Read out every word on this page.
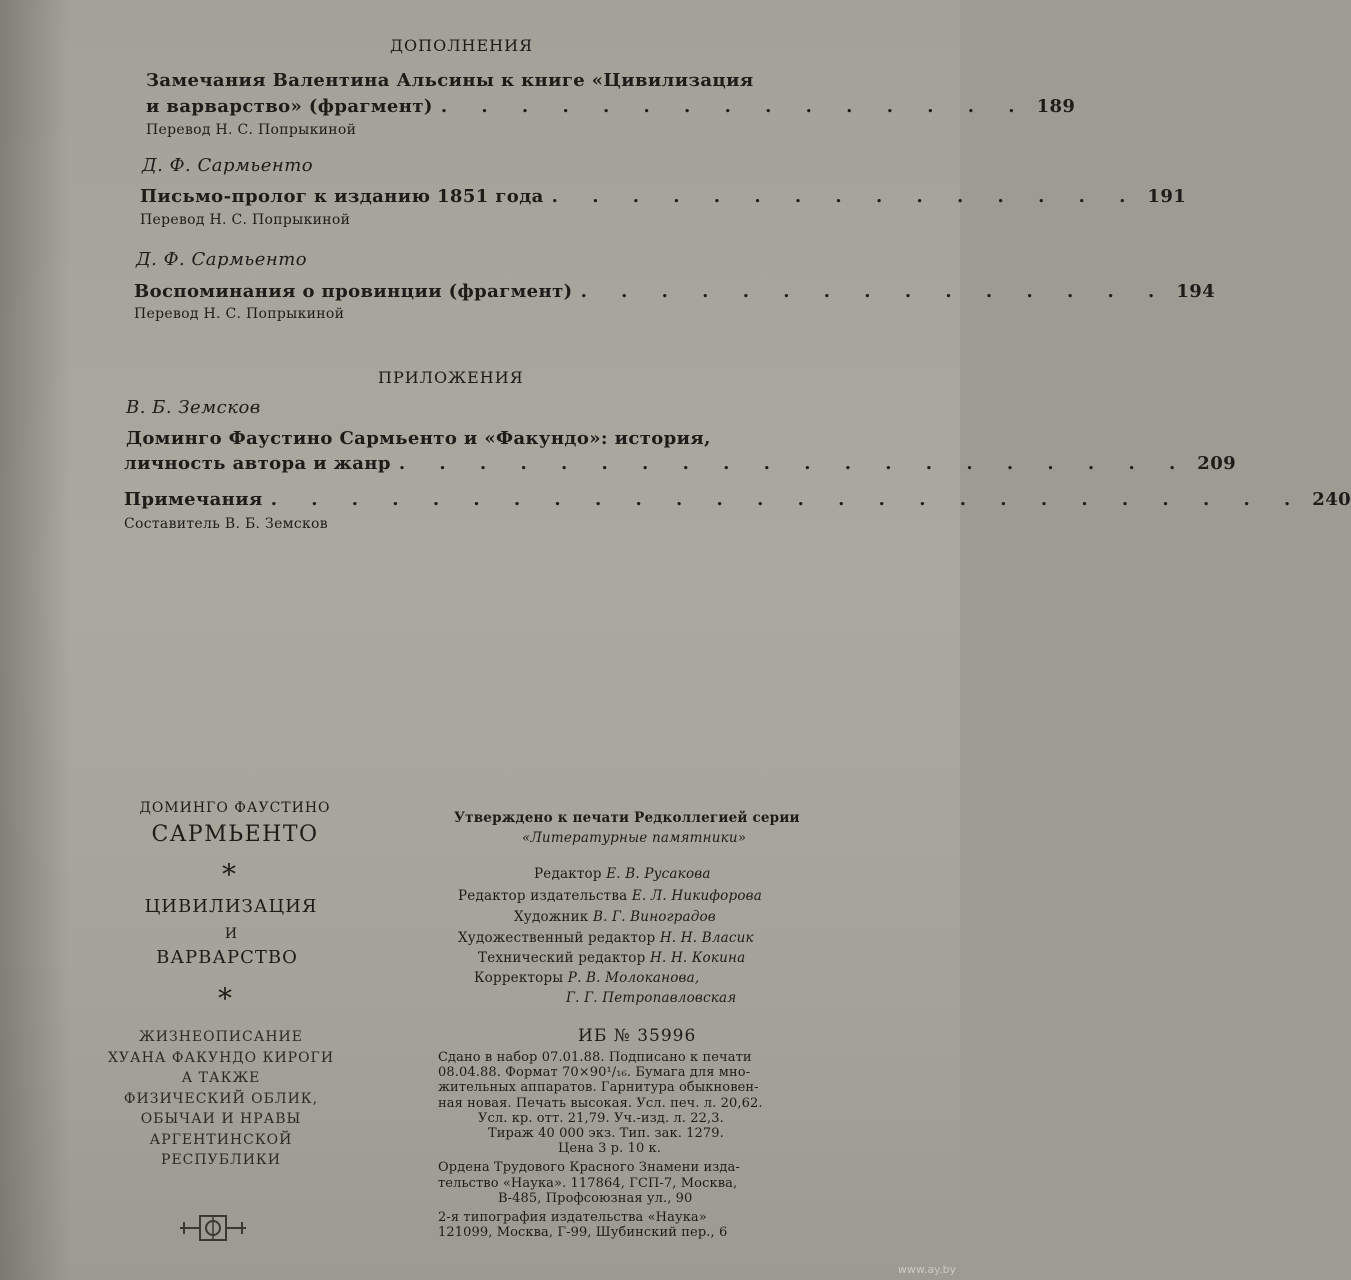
ДОПОЛНЕНИЯ
Замечания Валентина Альсины к книге «Цивилизация
и варварство» (фрагмент) . . . . . . . . . . . . . . . 189
Перевод Н. С. Попрыкиной
Д. Ф. Сармьенто
Письмо-пролог к изданию 1851 года . . . . . . . . . . . . . . . 191
Перевод Н. С. Попрыкиной
Д. Ф. Сармьенто
Воспоминания о провинции (фрагмент) . . . . . . . . . . . . . . . 194
Перевод Н. С. Попрыкиной
ПРИЛОЖЕНИЯ
В. Б. Земсков
Доминго Фаустино Сармьенто и «Факундо»: история,
личность автора и жанр . . . . . . . . . . . . . . . . . . . . 209
Примечания . . . . . . . . . . . . . . . . . . . . . . . . . . 240
Составитель В. Б. Земсков
ДОМИНГО ФАУСТИНО
САРМЬЕНТО
*
ЦИВИЛИЗАЦИЯ
И
ВАРВАРСТВО
*
ЖИЗНЕОПИСАНИЕ
ХУАНА ФАКУНДО КИРОГИ
А ТАКЖЕ
ФИЗИЧЕСКИЙ ОБЛИК,
ОБЫЧАИ И НРАВЫ
АРГЕНТИНСКОЙ
РЕСПУБЛИКИ
Утверждено к печати Редколлегией серии
«Литературные памятники»
Редактор Е. В. Русакова
Редактор издательства Е. Л. Никифорова
Художник В. Г. Виноградов
Художественный редактор Н. Н. Власик
Технический редактор Н. Н. Кокина
Корректоры Р. В. Молоканова,
Г. Г. Петропавловская
ИБ № 35996
Сдано в набор 07.01.88. Подписано к печати
08.04.88. Формат 70×90¹/₁₆. Бумага для мно-
жительных аппаратов. Гарнитура обыкновен-
ная новая. Печать высокая. Усл. печ. л. 20,62.
Усл. кр. отт. 21,79. Уч.-изд. л. 22,3.
Тираж 40 000 экз. Тип. зак. 1279.
Цена 3 р. 10 к.
Ордена Трудового Красного Знамени изда-
тельство «Наука». 117864, ГСП-7, Москва,
В-485, Профсоюзная ул., 90
2-я типография издательства «Наука»
121099, Москва, Г-99, Шубинский пер., 6
www.ay.by
